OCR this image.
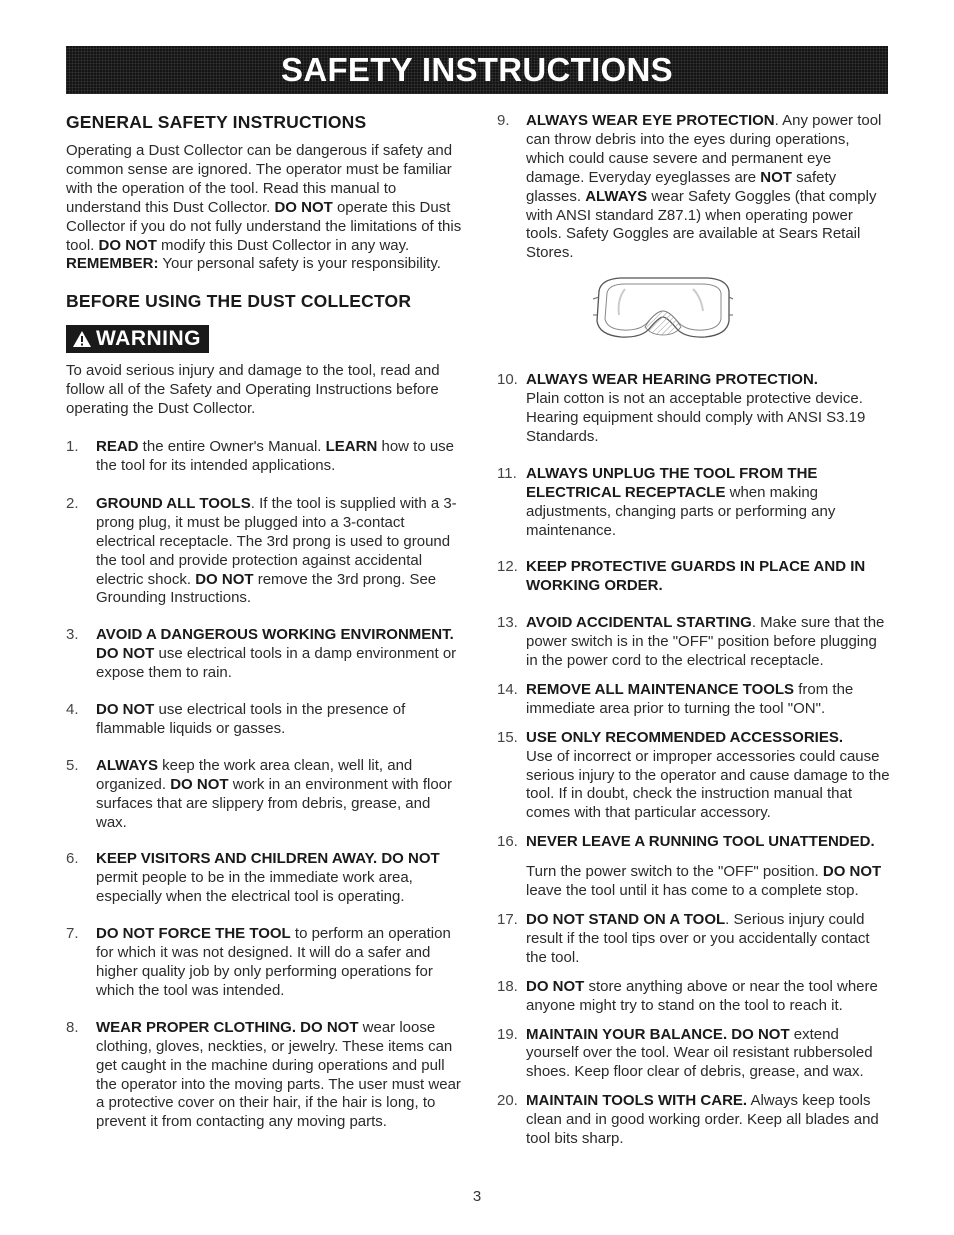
SAFETY INSTRUCTIONS
GENERAL SAFETY INSTRUCTIONS

Operating a Dust Collector can be dangerous if safety and common sense are ignored. The operator must be familiar with the operation of the tool. Read this manual to understand this Dust Collector. DO NOT operate this Dust Collector if you do not fully understand the limitations of this tool. DO NOT modify this Dust Collector in any way. REMEMBER: Your personal safety is your responsibility.

BEFORE USING THE DUST COLLECTOR
WARNING

To avoid serious injury and damage to the tool, read and follow all of the Safety and Operating Instructions before operating the Dust Collector.

1.	READ the entire Owner's Manual. LEARN how to use the tool for its intended applications.
2.	GROUND ALL TOOLS. If the tool is supplied with a 3-prong plug, it must be plugged into a 3-contact electrical receptacle. The 3rd prong is used to ground the tool and provide protection against accidental electric shock. DO NOT remove the 3rd prong. See Grounding Instructions.
3.	AVOID A DANGEROUS WORKING ENVIRONMENT. DO NOT use electrical tools in a damp environment or expose them to rain.
4.	DO NOT use electrical tools in the presence of flammable liquids or gasses.
5.	ALWAYS keep the work area clean, well lit, and organized. DO NOT work in an environment with floor surfaces that are slippery from debris, grease, and wax.
6.	KEEP VISITORS AND CHILDREN AWAY. DO NOT permit people to be in the immediate work area, especially when the electrical tool is operating.
7.	DO NOT FORCE THE TOOL to perform an operation for which it was not designed. It will do a safer and higher quality job by only performing operations for which the tool was intended.
8.	WEAR PROPER CLOTHING. DO NOT wear loose clothing, gloves, neckties, or jewelry. These items can get caught in the machine during operations and pull the operator into the moving parts. The user must wear a protective cover on their hair, if the hair is long, to prevent it from contacting any moving parts.
9.	ALWAYS WEAR EYE PROTECTION. Any power tool can throw debris into the eyes during operations, which could cause severe and permanent eye damage. Everyday eyeglasses are NOT safety glasses. ALWAYS wear Safety Goggles (that comply with ANSI standard Z87.1) when operating power tools. Safety Goggles are available at Sears Retail Stores.
10. ALWAYS WEAR HEARING PROTECTION.
Plain cotton is not an acceptable protective device. Hearing equipment should comply with ANSI S3.19 Standards.
11. ALWAYS UNPLUG THE TOOL FROM THE ELECTRICAL RECEPTACLE when making adjustments, changing parts or performing any maintenance.
12. KEEP PROTECTIVE GUARDS IN PLACE AND IN WORKING ORDER.
13. AVOID ACCIDENTAL STARTING. Make sure that the power switch is in the "OFF" position before plugging in the power cord to the electrical receptacle.
14. REMOVE ALL MAINTENANCE TOOLS from the immediate area prior to turning the tool "ON".
15. USE ONLY RECOMMENDED ACCESSORIES.
Use of incorrect or improper accessories could cause serious injury to the operator and cause damage to the tool. If in doubt, check the instruction manual that comes with that particular accessory.
16. NEVER LEAVE A RUNNING TOOL UNATTENDED.
Turn the power switch to the "OFF" position. DO NOT leave the tool until it has come to a complete stop.
17. DO NOT STAND ON A TOOL. Serious injury could result if the tool tips over or you accidentally contact the tool.
18. DO NOT store anything above or near the tool where anyone might try to stand on the tool to reach it.
19. MAINTAIN YOUR BALANCE. DO NOT extend yourself over the tool. Wear oil resistant rubbersoled shoes. Keep floor clear of debris, grease, and wax.
20. MAINTAIN TOOLS WITH CARE. Always keep tools clean and in good working order. Keep all blades and tool bits sharp.
3
